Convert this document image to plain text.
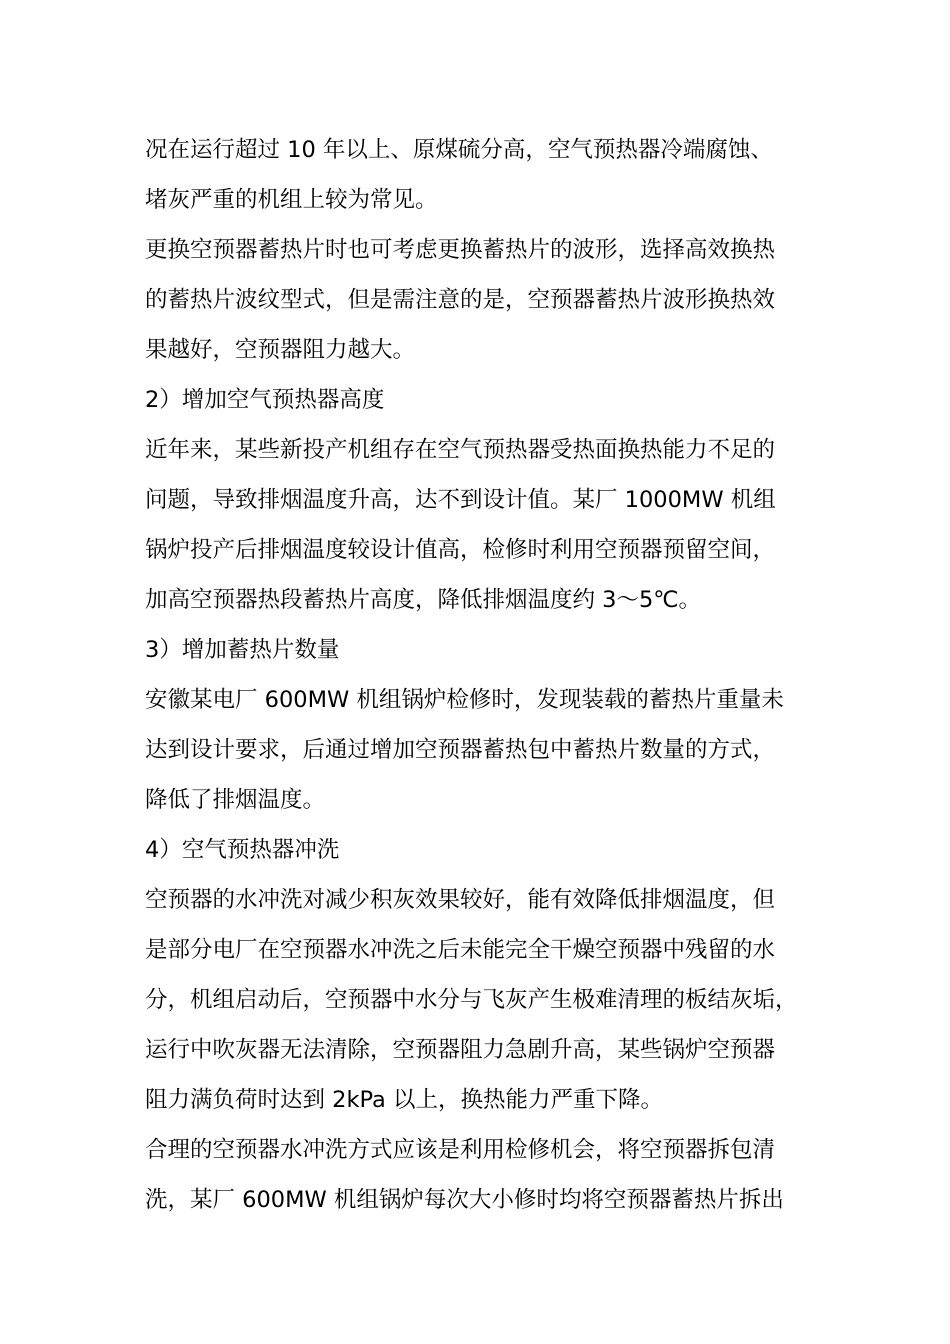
况在运行超过 10 年以上、原煤硫分高，空气预热器冷端腐蚀、
堵灰严重的机组上较为常见。
更换空预器蓄热片时也可考虑更换蓄热片的波形，选择高效换热
的蓄热片波纹型式，但是需注意的是，空预器蓄热片波形换热效
果越好，空预器阻力越大。
2）增加空气预热器高度
近年来，某些新投产机组存在空气预热器受热面换热能力不足的
问题，导致排烟温度升高，达不到设计值。某厂 1000MW 机组
锅炉投产后排烟温度较设计值高，检修时利用空预器预留空间，
加高空预器热段蓄热片高度，降低排烟温度约 3～5℃。
3）增加蓄热片数量
安徽某电厂 600MW 机组锅炉检修时，发现装载的蓄热片重量未
达到设计要求，后通过增加空预器蓄热包中蓄热片数量的方式，
降低了排烟温度。
4）空气预热器冲洗
空预器的水冲洗对减少积灰效果较好，能有效降低排烟温度，但
是部分电厂在空预器水冲洗之后未能完全干燥空预器中残留的水
分，机组启动后，空预器中水分与飞灰产生极难清理的板结灰垢，
运行中吹灰器无法清除，空预器阻力急剧升高，某些锅炉空预器
阻力满负荷时达到 2kPa 以上，换热能力严重下降。
合理的空预器水冲洗方式应该是利用检修机会，将空预器拆包清
洗，某厂 600MW 机组锅炉每次大小修时均将空预器蓄热片拆出
